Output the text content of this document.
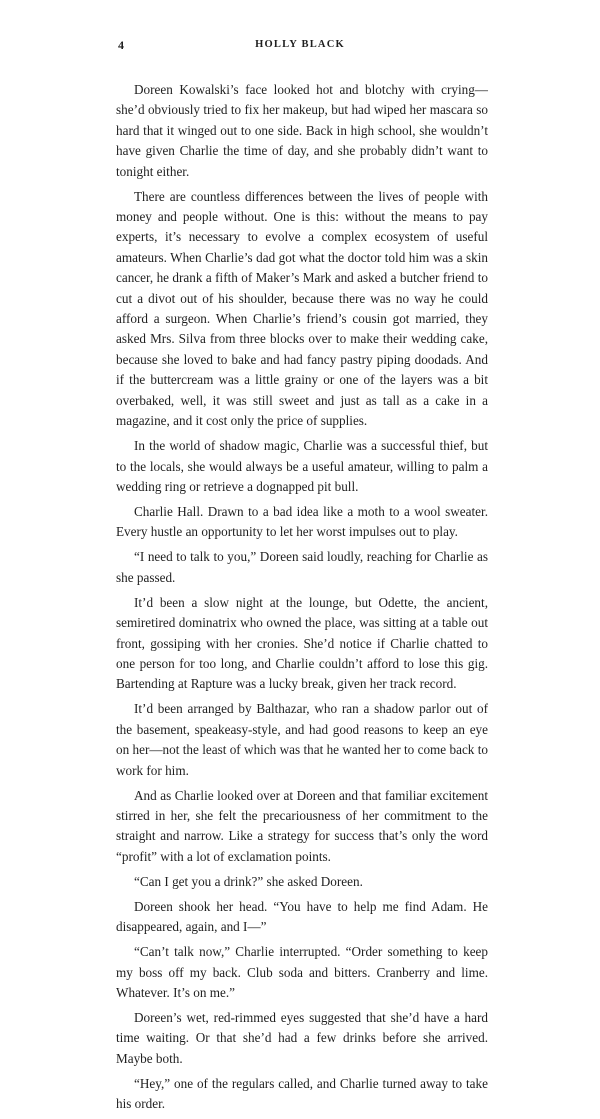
4	HOLLY BLACK

Doreen Kowalski’s face looked hot and blotchy with crying—she’d obviously tried to fix her makeup, but had wiped her mascara so hard that it winged out to one side. Back in high school, she wouldn’t have given Charlie the time of day, and she probably didn’t want to tonight either.

There are countless differences between the lives of people with money and people without. One is this: without the means to pay experts, it’s necessary to evolve a complex ecosystem of useful amateurs. When Charlie’s dad got what the doctor told him was a skin cancer, he drank a fifth of Maker’s Mark and asked a butcher friend to cut a divot out of his shoulder, because there was no way he could afford a surgeon. When Charlie’s friend’s cousin got married, they asked Mrs. Silva from three blocks over to make their wedding cake, because she loved to bake and had fancy pastry piping doodads. And if the buttercream was a little grainy or one of the layers was a bit overbaked, well, it was still sweet and just as tall as a cake in a magazine, and it cost only the price of supplies.

In the world of shadow magic, Charlie was a successful thief, but to the locals, she would always be a useful amateur, willing to palm a wedding ring or retrieve a dognapped pit bull.

Charlie Hall. Drawn to a bad idea like a moth to a wool sweater. Every hustle an opportunity to let her worst impulses out to play.

“I need to talk to you,” Doreen said loudly, reaching for Charlie as she passed.

It’d been a slow night at the lounge, but Odette, the ancient, semiretired dominatrix who owned the place, was sitting at a table out front, gossiping with her cronies. She’d notice if Charlie chatted to one person for too long, and Charlie couldn’t afford to lose this gig. Bartending at Rapture was a lucky break, given her track record.

It’d been arranged by Balthazar, who ran a shadow parlor out of the basement, speakeasy-style, and had good reasons to keep an eye on her—not the least of which was that he wanted her to come back to work for him.

And as Charlie looked over at Doreen and that familiar excitement stirred in her, she felt the precariousness of her commitment to the straight and narrow. Like a strategy for success that’s only the word “profit” with a lot of exclamation points.

“Can I get you a drink?” she asked Doreen.

Doreen shook her head. “You have to help me find Adam. He disappeared, again, and I—”

“Can’t talk now,” Charlie interrupted. “Order something to keep my boss off my back. Club soda and bitters. Cranberry and lime. Whatever. It’s on me.”

Doreen’s wet, red-rimmed eyes suggested that she’d have a hard time waiting. Or that she’d had a few drinks before she arrived. Maybe both.

“Hey,” one of the regulars called, and Charlie turned away to take his order.
